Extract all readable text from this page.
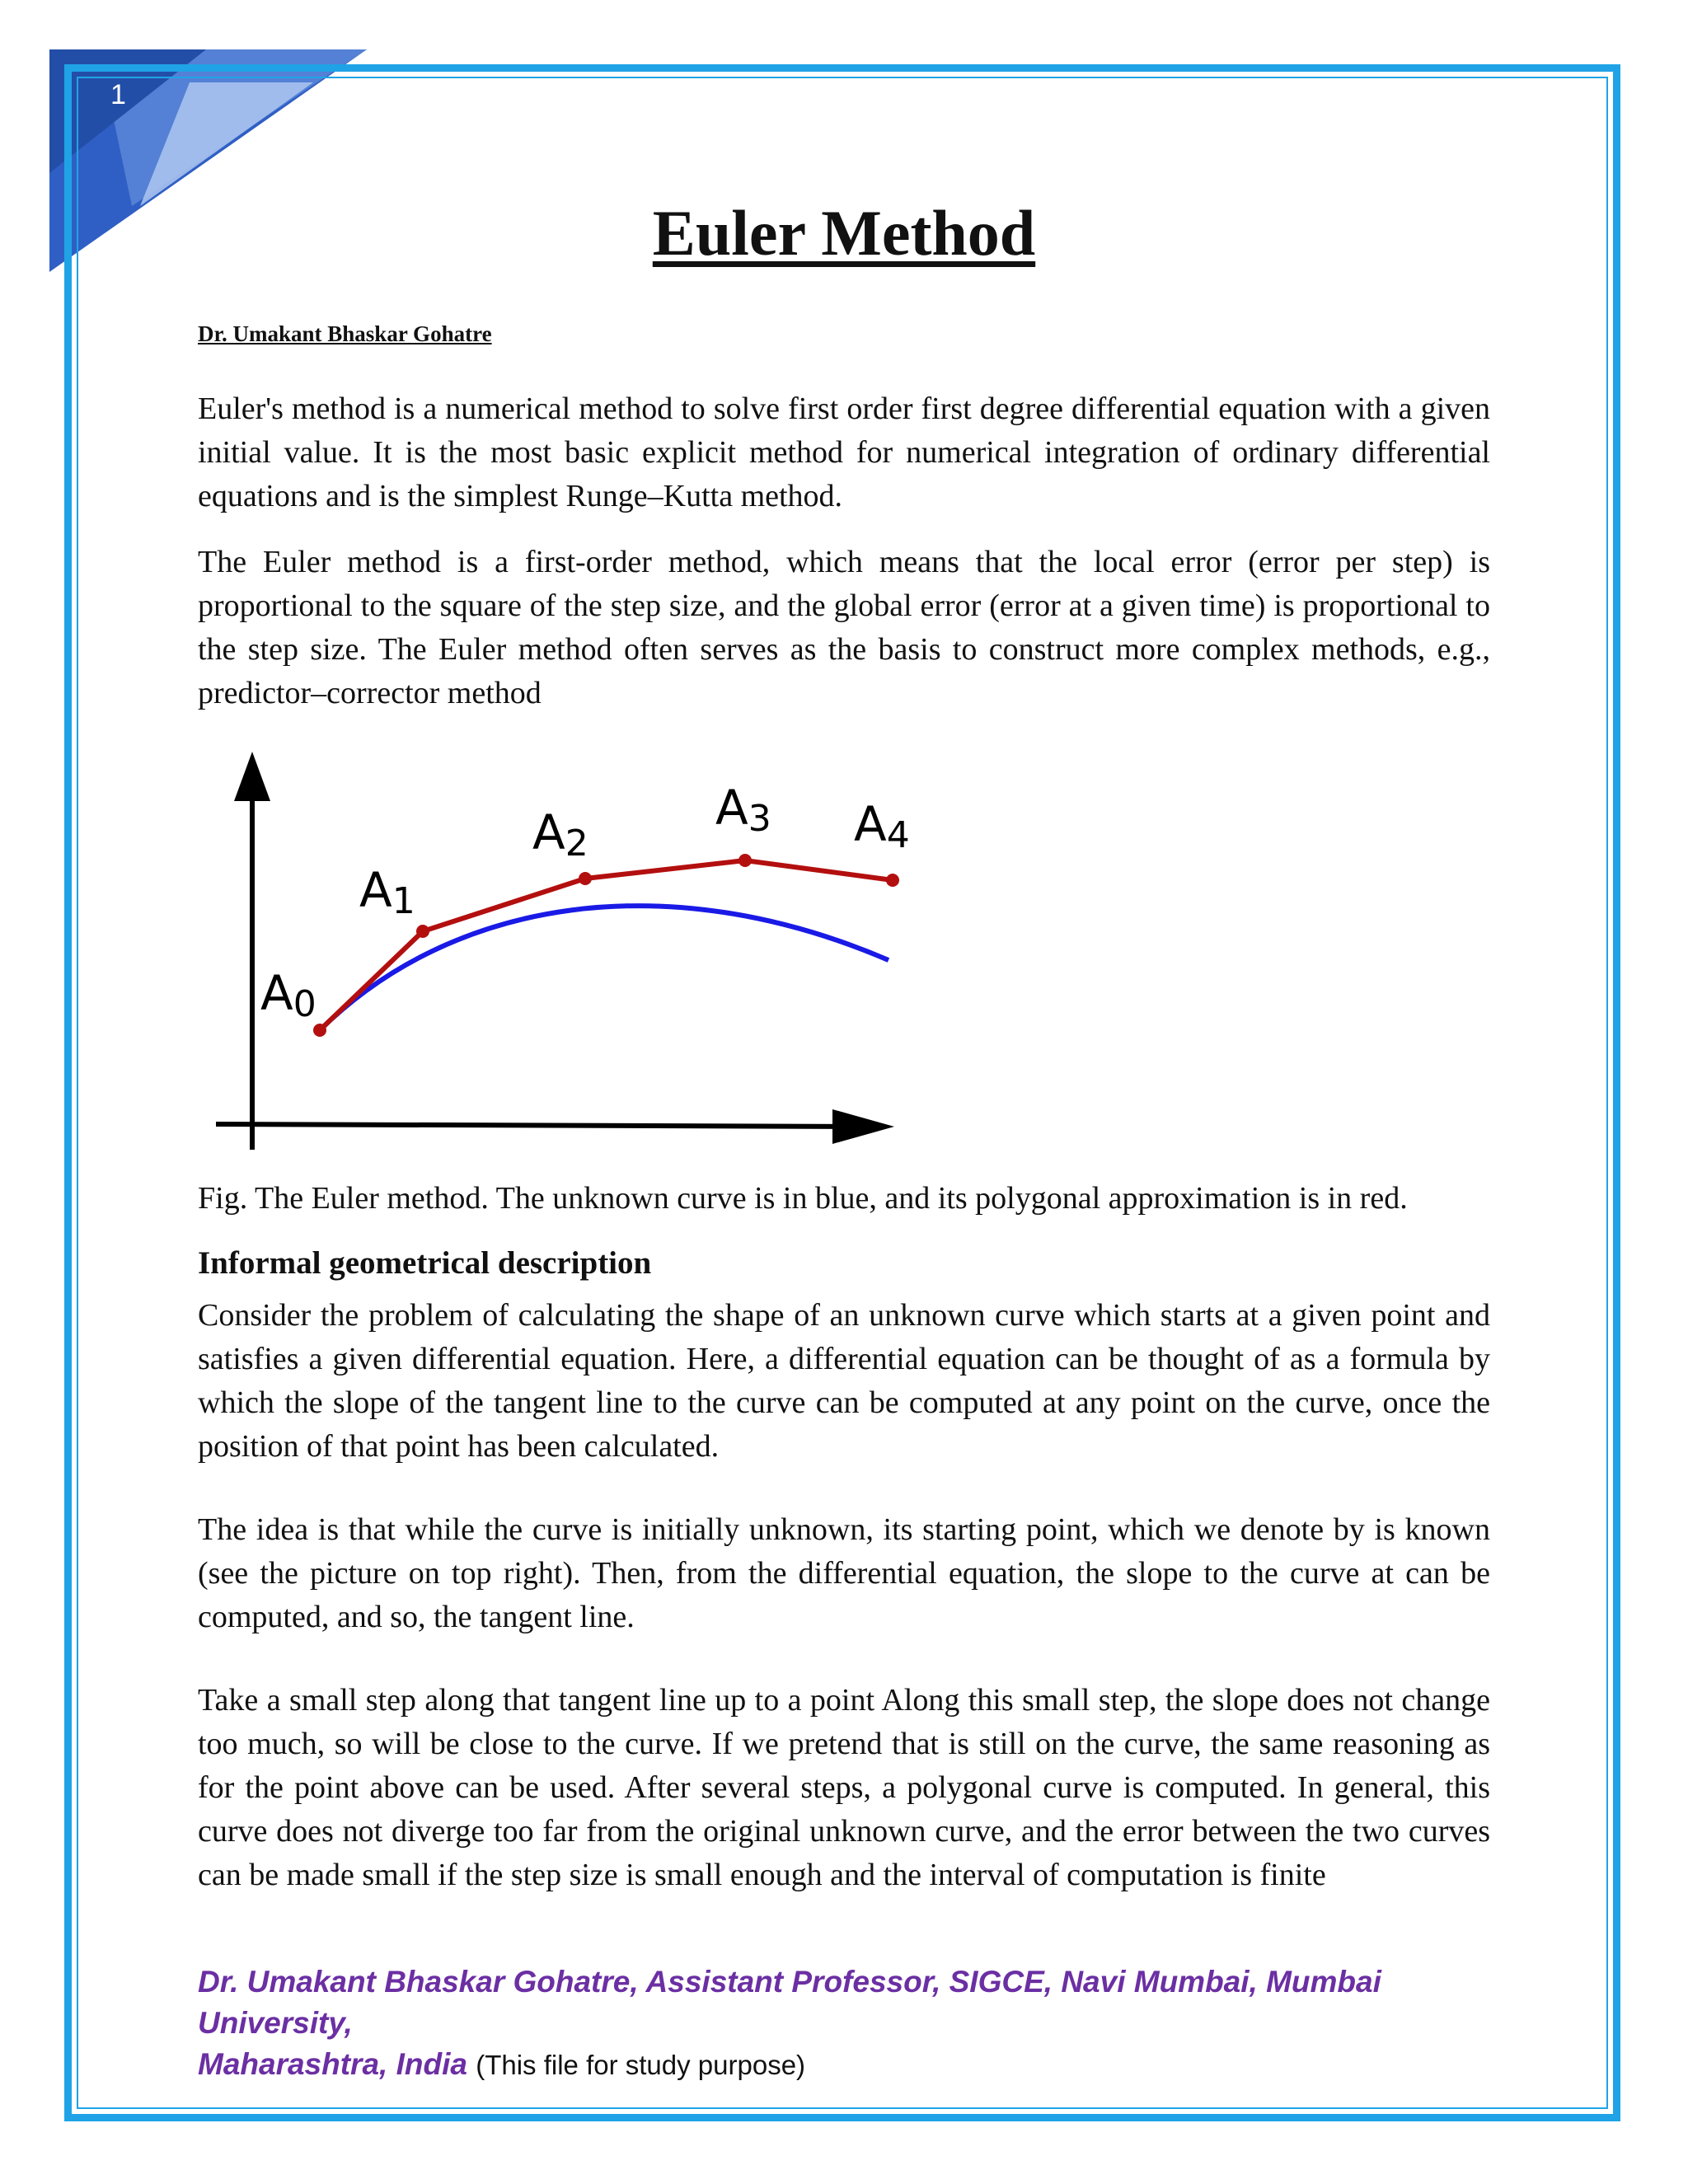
1
Euler Method
Dr. Umakant Bhaskar Gohatre

Euler's method is a numerical method to solve first order first degree differential equation with a given initial value. It is the most basic explicit method for numerical integration of ordinary differential equations and is the simplest Runge–Kutta method.

The Euler method is a first-order method, which means that the local error (error per step) is proportional to the square of the step size, and the global error (error at a given time) is proportional to the step size. The Euler method often serves as the basis to construct more complex methods, e.g., predictor–corrector method

A0
A1
A2
A3 A4
Fig. The Euler method. The unknown curve is in blue, and its polygonal approximation is in red.
Informal geometrical description

Consider the problem of calculating the shape of an unknown curve which starts at a given point and satisfies a given differential equation. Here, a differential equation can be thought of as a formula by which the slope of the tangent line to the curve can be computed at any point on the curve, once the position of that point has been calculated.

The idea is that while the curve is initially unknown, its starting point, which we denote by is known (see the picture on top right). Then, from the differential equation, the slope to the curve at can be computed, and so, the tangent line.

Take a small step along that tangent line up to a point Along this small step, the slope does not change too much, so will be close to the curve. If we pretend that is still on the curve, the same reasoning as for the point above can be used. After several steps, a polygonal curve is computed. In general, this curve does not diverge too far from the original unknown curve, and the error between the two curves can be made small if the step size is small enough and the interval of computation is finite

Dr. Umakant Bhaskar Gohatre, Assistant Professor, SIGCE, Navi Mumbai, Mumbai University,
Maharashtra, India (This file for study purpose)
